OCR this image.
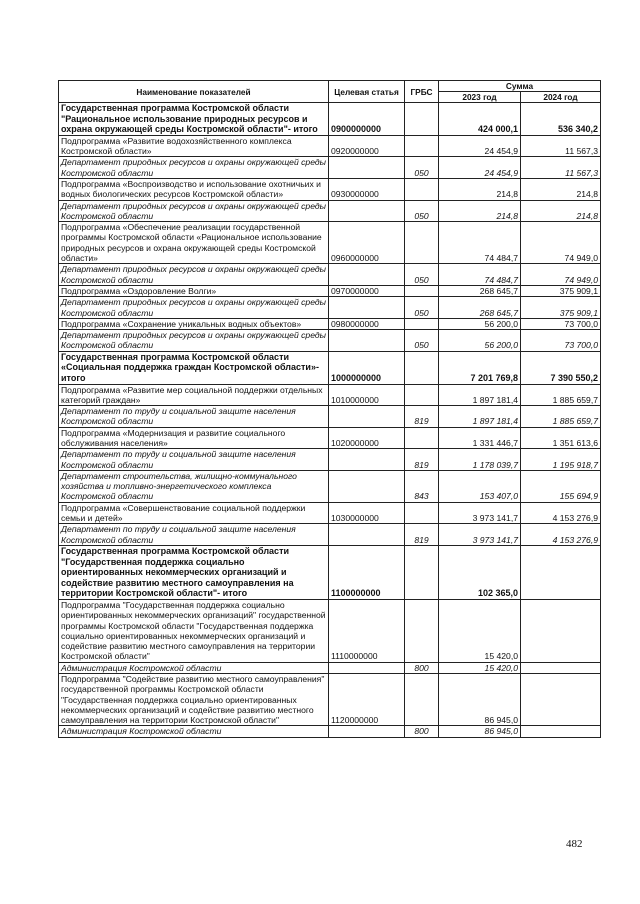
Наименование показателей	Целевая статья	ГРБС	Сумма	
			2023 год	2024 год
Государственная программа Костромской области "Рациональное использование природных ресурсов и охрана окружающей среды Костромской области"- итого	0900000000		424 000,1	536 340,2
Подпрограмма «Развитие водохозяйственного комплекса Костромской области»	0920000000		24 454,9	11 567,3
Департамент природных ресурсов и охраны окружающей среды Костромской области		050	24 454,9	11 567,3
Подпрограмма «Воспроизводство и использование охотничьих и водных биологических ресурсов Костромской области»	0930000000		214,8	214,8
Департамент природных ресурсов и охраны окружающей среды Костромской области		050	214,8	214,8
Подпрограмма «Обеспечение реализации государственной программы Костромской области «Рациональное использование природных ресурсов и охрана окружающей среды Костромской области»	0960000000		74 484,7	74 949,0
Департамент природных ресурсов и охраны окружающей среды Костромской области		050	74 484,7	74 949,0
Подпрограмма «Оздоровление Волги»	0970000000		268 645,7	375 909,1
Департамент природных ресурсов и охраны окружающей среды Костромской области		050	268 645,7	375 909,1
Подпрограмма «Сохранение уникальных водных объектов»	0980000000		56 200,0	73 700,0
Департамент природных ресурсов и охраны окружающей среды Костромской области		050	56 200,0	73 700,0
Государственная программа Костромской области «Социальная поддержка граждан Костромской области»- итого	1000000000		7 201 769,8	7 390 550,2
Подпрограмма «Развитие мер социальной поддержки отдельных категорий граждан»	1010000000		1 897 181,4	1 885 659,7
Департамент по труду и социальной защите населения Костромской области		819	1 897 181,4	1 885 659,7
Подпрограмма «Модернизация и развитие социального обслуживания населения»	1020000000		1 331 446,7	1 351 613,6
Департамент по труду и социальной защите населения Костромской области		819	1 178 039,7	1 195 918,7
Департамент строительства, жилищно-коммунального хозяйства и топливно-энергетического комплекса Костромской области		843	153 407,0	155 694,9
Подпрограмма «Совершенствование социальной поддержки семьи и детей»	1030000000		3 973 141,7	4 153 276,9
Департамент по труду и социальной защите населения Костромской области		819	3 973 141,7	4 153 276,9
Государственная программа Костромской области "Государственная поддержка социально ориентированных некоммерческих организаций и содействие развитию местного самоуправления на территории Костромской области"- итого	1100000000		102 365,0	
Подпрограмма "Государственная поддержка социально ориентированных некоммерческих организаций" государственной программы Костромской области "Государственная поддержка социально ориентированных некоммерческих организаций и содействие развитию местного самоуправления на территории Костромской области"	1110000000		15 420,0	
Администрация Костромской области		800	15 420,0	
Подпрограмма "Содействие развитию местного самоуправления" государственной программы Костромской области "Государственная поддержка социально ориентированных некоммерческих организаций и содействие развитию местного самоуправления на территории Костромской области"	1120000000		86 945,0	
Администрация Костромской области		800	86 945,0	
482
